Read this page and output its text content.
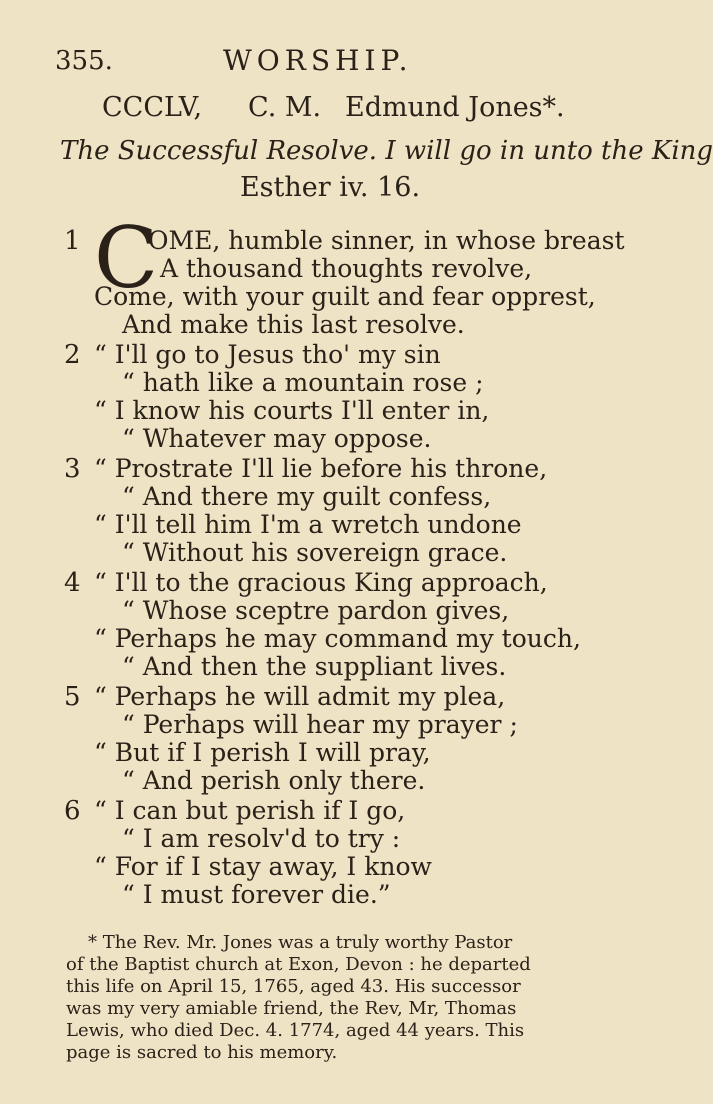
355.	WORSHIP.
CCCLV, C. M. Edmund Jones*.
The Successful Resolve. I will go in unto the King
Esther iv. 16.
1 C
OME, humble sinner, in whose breast
A thousand thoughts revolve,
Come, with your guilt and fear opprest,
And make this last resolve.
2 “ I'll go to Jesus tho' my sin
“ hath like a mountain rose ;
“ I know his courts I'll enter in,
“ Whatever may oppose.
3 “ Prostrate I'll lie before his throne,
“ And there my guilt confess,
“ I'll tell him I'm a wretch undone
“ Without his sovereign grace.
4 “ I'll to the gracious King approach,
“ Whose sceptre pardon gives,
“ Perhaps he may command my touch,
“ And then the suppliant lives.
5 “ Perhaps he will admit my plea,
“ Perhaps will hear my prayer ;
“ But if I perish I will pray,
“ And perish only there.
6 “ I can but perish if I go,
“ I am resolv'd to try :
“ For if I stay away, I know
“ I must forever die.”
* The Rev. Mr. Jones was a truly worthy Pastor
of the Baptist church at Exon, Devon : he departed
this life on April 15, 1765, aged 43. His successor
was my very amiable friend, the Rev, Mr, Thomas
Lewis, who died Dec. 4. 1774, aged 44 years. This
page is sacred to his memory.
